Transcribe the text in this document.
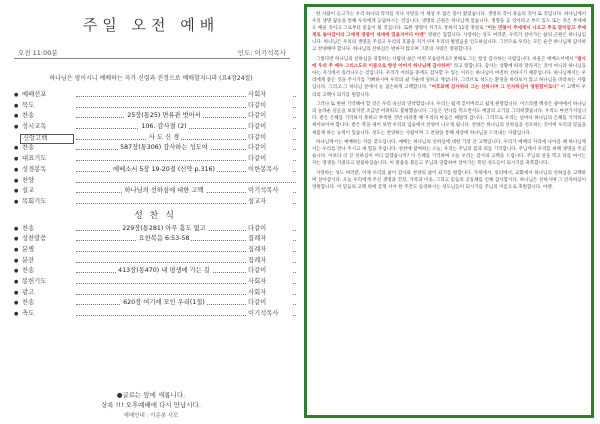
주일 오전 예배
오전 11:00분	인도: 이기석목사
하나님은 영이시니 예배하는 자가 신령과 진정으로 예배할지니라 (요4장24절)
● 예배선포	사회자
● 묵도	다같이
● 찬송	25장(통25) 면류관 벗어서	다같이
● 성시교독	106. 감사절 (2)	다같이
신앙고백	사 도 신 경	다같이
● 찬송	587장(통306) 감사하는 성도여	다같이
● 대표기도	다같이
● 성경봉독	에베소서 5장 19-20절 (신약 p.316)	이한봉목사
● 찬양
● 설교	하나님의 선하심에 대한 고백	이기석목사
● 목회기도	설교자
성 찬 식
● 찬송	229장(통281) 아무 흠도 없고	다같이
● 성찬말씀	요한복음 6:53-58	집례자
● 분병	집례자
● 분잔	집례자
● 찬송	413장(통470) 내 평생에 가는 길	다같이
● 봉헌기도	사회자
● 광고	사회자
● 찬송	620장 여기에 모인 우리(1절)	다같이
● 축도	이기석목사
●글로는 앞에 새롭니다.
상록 !!! 오후예배에 다시 만납시다.
예배인내 : 이준봉 사모

한 사람이 들고가는 우리 하나의 탁자를 지나 사랑을 이 세상 우 많은 풍이 왔었습니다. 생명의 것이 죽음의 것이 또 것입니다. 하나님께서 우리 생명 꿈등을 통해 우리에게 응답하시는 것입니다. 생명의 근원은 하나님께 있습니다. 생명을 곧 것이라고 부르 있도 또는 것은 무세에도 배울 것이고 그로부터 믿음이 될 것입니다. 또한 생명이 커가도 통하지 11장 정말로 "이는 만물이 주에게서 나오고 주로 말미암고 주에게로 돌아감이라 그에게 영광이 세세에 있을지어다 아멘" 영광은 집합니다. 사랑하는 성도 여러분, 우리가 살아가는 삶의 근원은 하나님입니다. 하나님은 우리의 생명을 주셨고 우리의 호흡을 지키시며 우리의 발걸음을 인도하십니다. 그러므로 우리는 모든 순간 하나님께 감사하고 찬양해야 합니다. 하나님의 선하심은 변하지 않으며 그분의 사랑은 영원합니다.

그렇다면 하나님의 선하심을 경험하는 사람의 삶은 어떤 모습일까요? 첫째로 그는 항상 감사하는 사람입니다. 바울은 에베소서에서 "범사에 우리 주 예수 그리스도의 이름으로 항상 아버지 하나님께 감사하며" 라고 말합니다. 감사는 상황에 따라 달라지는 것이 아니라 하나님을 아는 지식에서 흘러나오는 것입니다. 우리가 어려움 중에도 감사할 수 있는 이유는 하나님이 여전히 선하시기 때문입니다. 하나님께서는 우리에게 좋은 것을 주시기를 기뻐하시며 우리의 삶 가운데 일하고 계십니다. 그러므로 성도는 환경을 바라보지 않고 하나님을 바라보는 사람입니다. 그리고 그 하나님 앞에서 늘 겸손하게 고백합니다. "여호와께 감사하라 그는 선하시며 그 인자하심이 영원함이로다" 이 고백이 우리의 고백이 되기를 원합니다.

그러나 또 한편 기억해야 할 것은 우리 육신의 연약함입니다. 우리는 쉽게 잊어버리고 쉽게 원망합니다. 이스라엘 백성은 광야에서 하나님의 놀라운 일들을 보았지만 조금만 어려워도 불평했습니다. 그들은 만나를 먹으면서도 애굽의 고기를 그리워했습니다. 우리도 마찬가지입니다. 받은 은혜를 기억하지 못하고 부족한 것만 바라볼 때 우리의 마음은 메말라 갑니다. 그러므로 우리는 날마다 하나님의 은혜를 기억하고 세어보아야 합니다. 받은 복을 세어 보면 우리의 입술에서 찬양이 나오게 됩니다. 찬양은 하나님의 선하심을 선포하는 것이며 우리의 믿음을 새롭게 하는 능력이 있습니다. 성도는 찬양하는 사람이며 그 찬양을 통해 세상에 하나님을 드러내는 사람입니다.

하나님께서는 예배하는 자를 찾으십니다. 예배는 하나님의 선하심에 대한 가장 큰 고백입니다. 우리가 예배의 자리에 나아올 때 하나님께서는 우리를 만나 주시고 새 힘을 주십니다. 성찬에 참여하는 오늘, 우리는 주님의 몸과 피를 기억합니다. 주님께서 우리를 위해 생명을 주셨습니다. 이보다 더 큰 선하심이 어디 있겠습니까? 이 은혜를 기억하며 오늘 우리는 감사의 고백을 드립니다. 주님의 살을 먹고 피를 마시는 자는 영생을 가졌다고 말씀하셨습니다. 이 말씀을 붙들고 주님과 연합하여 살아가는 복된 성도들이 되시기를 축복합니다.

사랑하는 성도 여러분, 이제 우리의 삶이 감사와 찬양의 삶이 되기를 원합니다. 가정에서, 일터에서, 교회에서 하나님의 선하심을 고백하며 살아갑시다. 오늘 우리에게 주신 생명과 건강, 가족과 이웃, 그리고 믿음의 공동체를 인해 감사합시다. 하나님은 선하시며 그 인자하심이 영원합니다. 이 믿음의 고백 위에 굳게 서서 한 주간도 승리하시는 성도님들이 되시기를 주님의 이름으로 축원합니다. 아멘.
